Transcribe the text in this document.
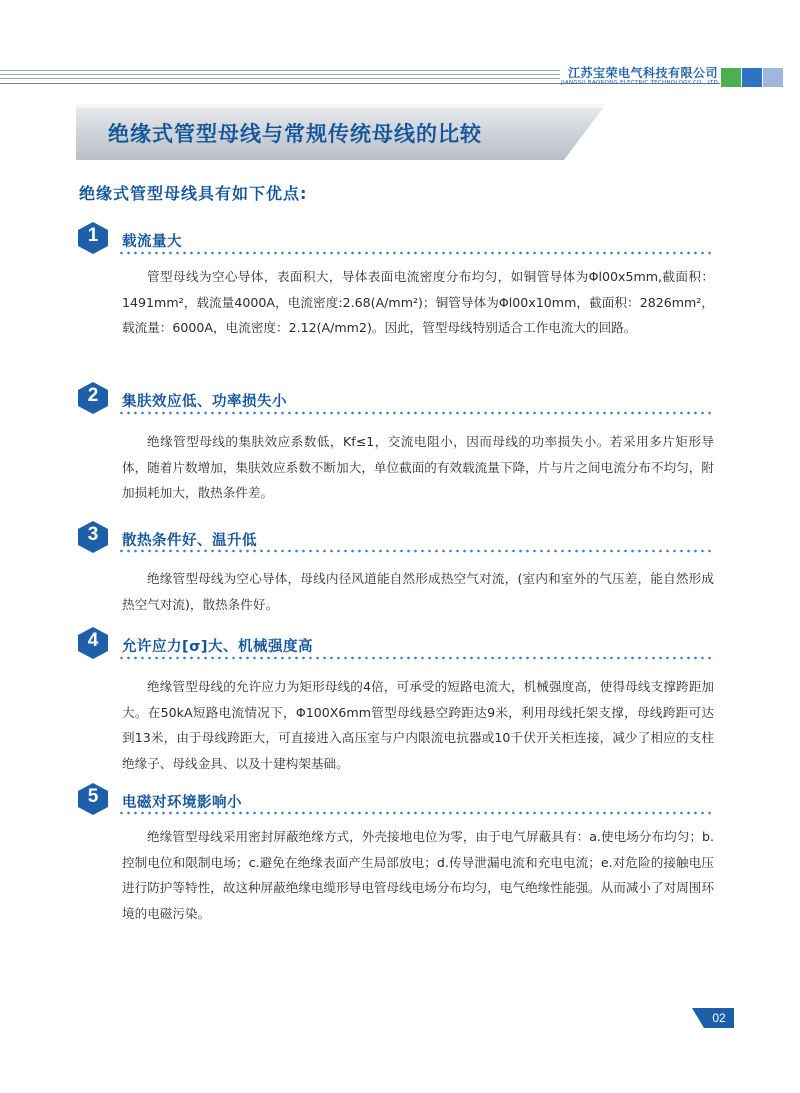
江苏宝荣电气科技有限公司
JIANGSU BAORONG ELECTRIC TECHNOLOGY CO., LTD
绝缘式管型母线与常规传统母线的比较
绝缘式管型母线具有如下优点:
1	载流量大
管型母线为空心导体，表面积大，导体表面电流密度分布均匀，如铜管导体为Φl00x5mm,截面积：1491mm²，载流量4000A，电流密度:2.68(A/mm²)；铜管导体为Φl00x10mm，截面积：2826mm²，载流量：6000A，电流密度：2.12(A/mm2)。因此，管型母线特别适合工作电流大的回路。
2	集肤效应低、功率损失小
绝缘管型母线的集肤效应系数低，Kf≤1，交流电阻小，因而母线的功率损失小。若采用多片矩形导体，随着片数增加，集肤效应系数不断加大，单位截面的有效载流量下降，片与片之间电流分布不均匀，附加损耗加大，散热条件差。
3	散热条件好、温升低
绝缘管型母线为空心导体，母线内径风道能自然形成热空气对流，(室内和室外的气压差，能自然形成热空气对流)，散热条件好。
4	允许应力[σ]大、机械强度高
绝缘管型母线的允许应力为矩形母线的4倍，可承受的短路电流大，机械强度高，使得母线支撑跨距加大。在50kA短路电流情况下，Φ100X6mm管型母线悬空跨距达9米，利用母线托架支撑，母线跨距可达到13米，由于母线跨距大，可直接进入高压室与户内限流电抗器或10千伏开关柜连接，减少了相应的支柱绝缘子、母线金具、以及十建构架基础。
5	电磁对环境影响小
绝缘管型母线采用密封屏蔽绝缘方式，外壳接地电位为零，由于电气屏蔽具有：a.使电场分布均匀；b.控制电位和限制电场；c.避免在绝缘表面产生局部放电；d.传导泄漏电流和充电电流；e.对危险的接触电压进行防护等特性，故这种屏蔽绝缘电缆形导电管母线电场分布均匀，电气绝缘性能强。从而减小了对周围环境的电磁污染。
02
